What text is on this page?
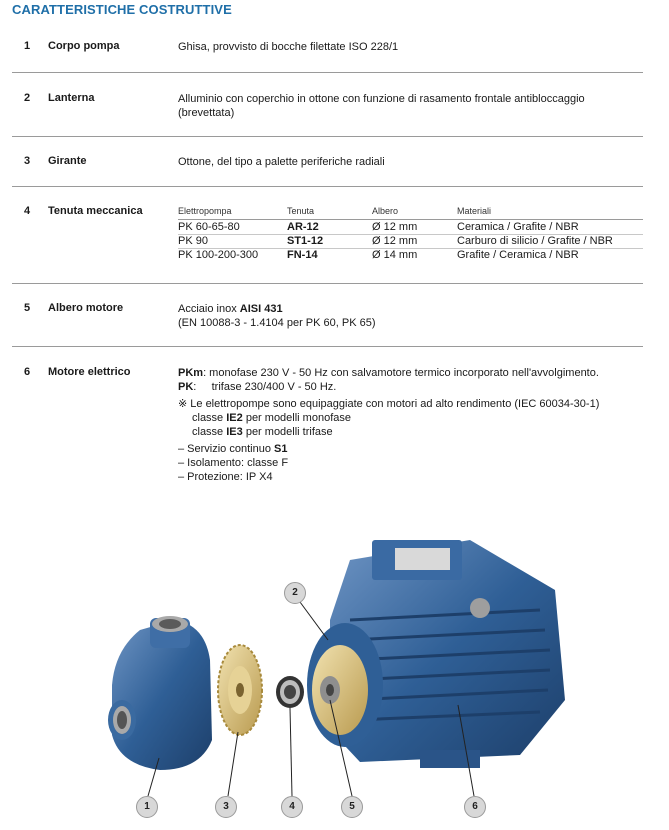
CARATTERISTICHE COSTRUTTIVE
1 Corpo pompa	Ghisa, provvisto di bocche filettate ISO 228/1
2 Lanterna	Alluminio con coperchio in ottone con funzione di rasamento frontale antibloccaggio
(brevettata)
3 Girante	Ottone, del tipo a palette periferiche radiali
4 Tenuta meccanica	Elettropompa	Tenuta	Albero	Materiali
PK 60-65-80	AR-12	Ø 12 mm	Ceramica / Grafite / NBR
PK 90	ST1-12	Ø 12 mm	Carburo di silicio / Grafite / NBR
PK 100-200-300	FN-14	Ø 14 mm	Grafite / Ceramica / NBR
5 Albero motore	Acciaio inox AISI 431
(EN 10088-3 - 1.4104 per PK 60, PK 65)
6 Motore elettrico	PKm: monofase 230 V - 50 Hz con salvamotore termico incorporato nell'avvolgimento.
PK:     trifase 230/400 V - 50 Hz.
※ Le elettropompe sono equipaggiate con motori ad alto rendimento (IEC 60034-30-1)
classe IE2 per modelli monofase
classe IE3 per modelli trifase
– Servizio continuo S1
– Isolamento: classe F
– Protezione: IP X4
1
2
3	4	5	6
